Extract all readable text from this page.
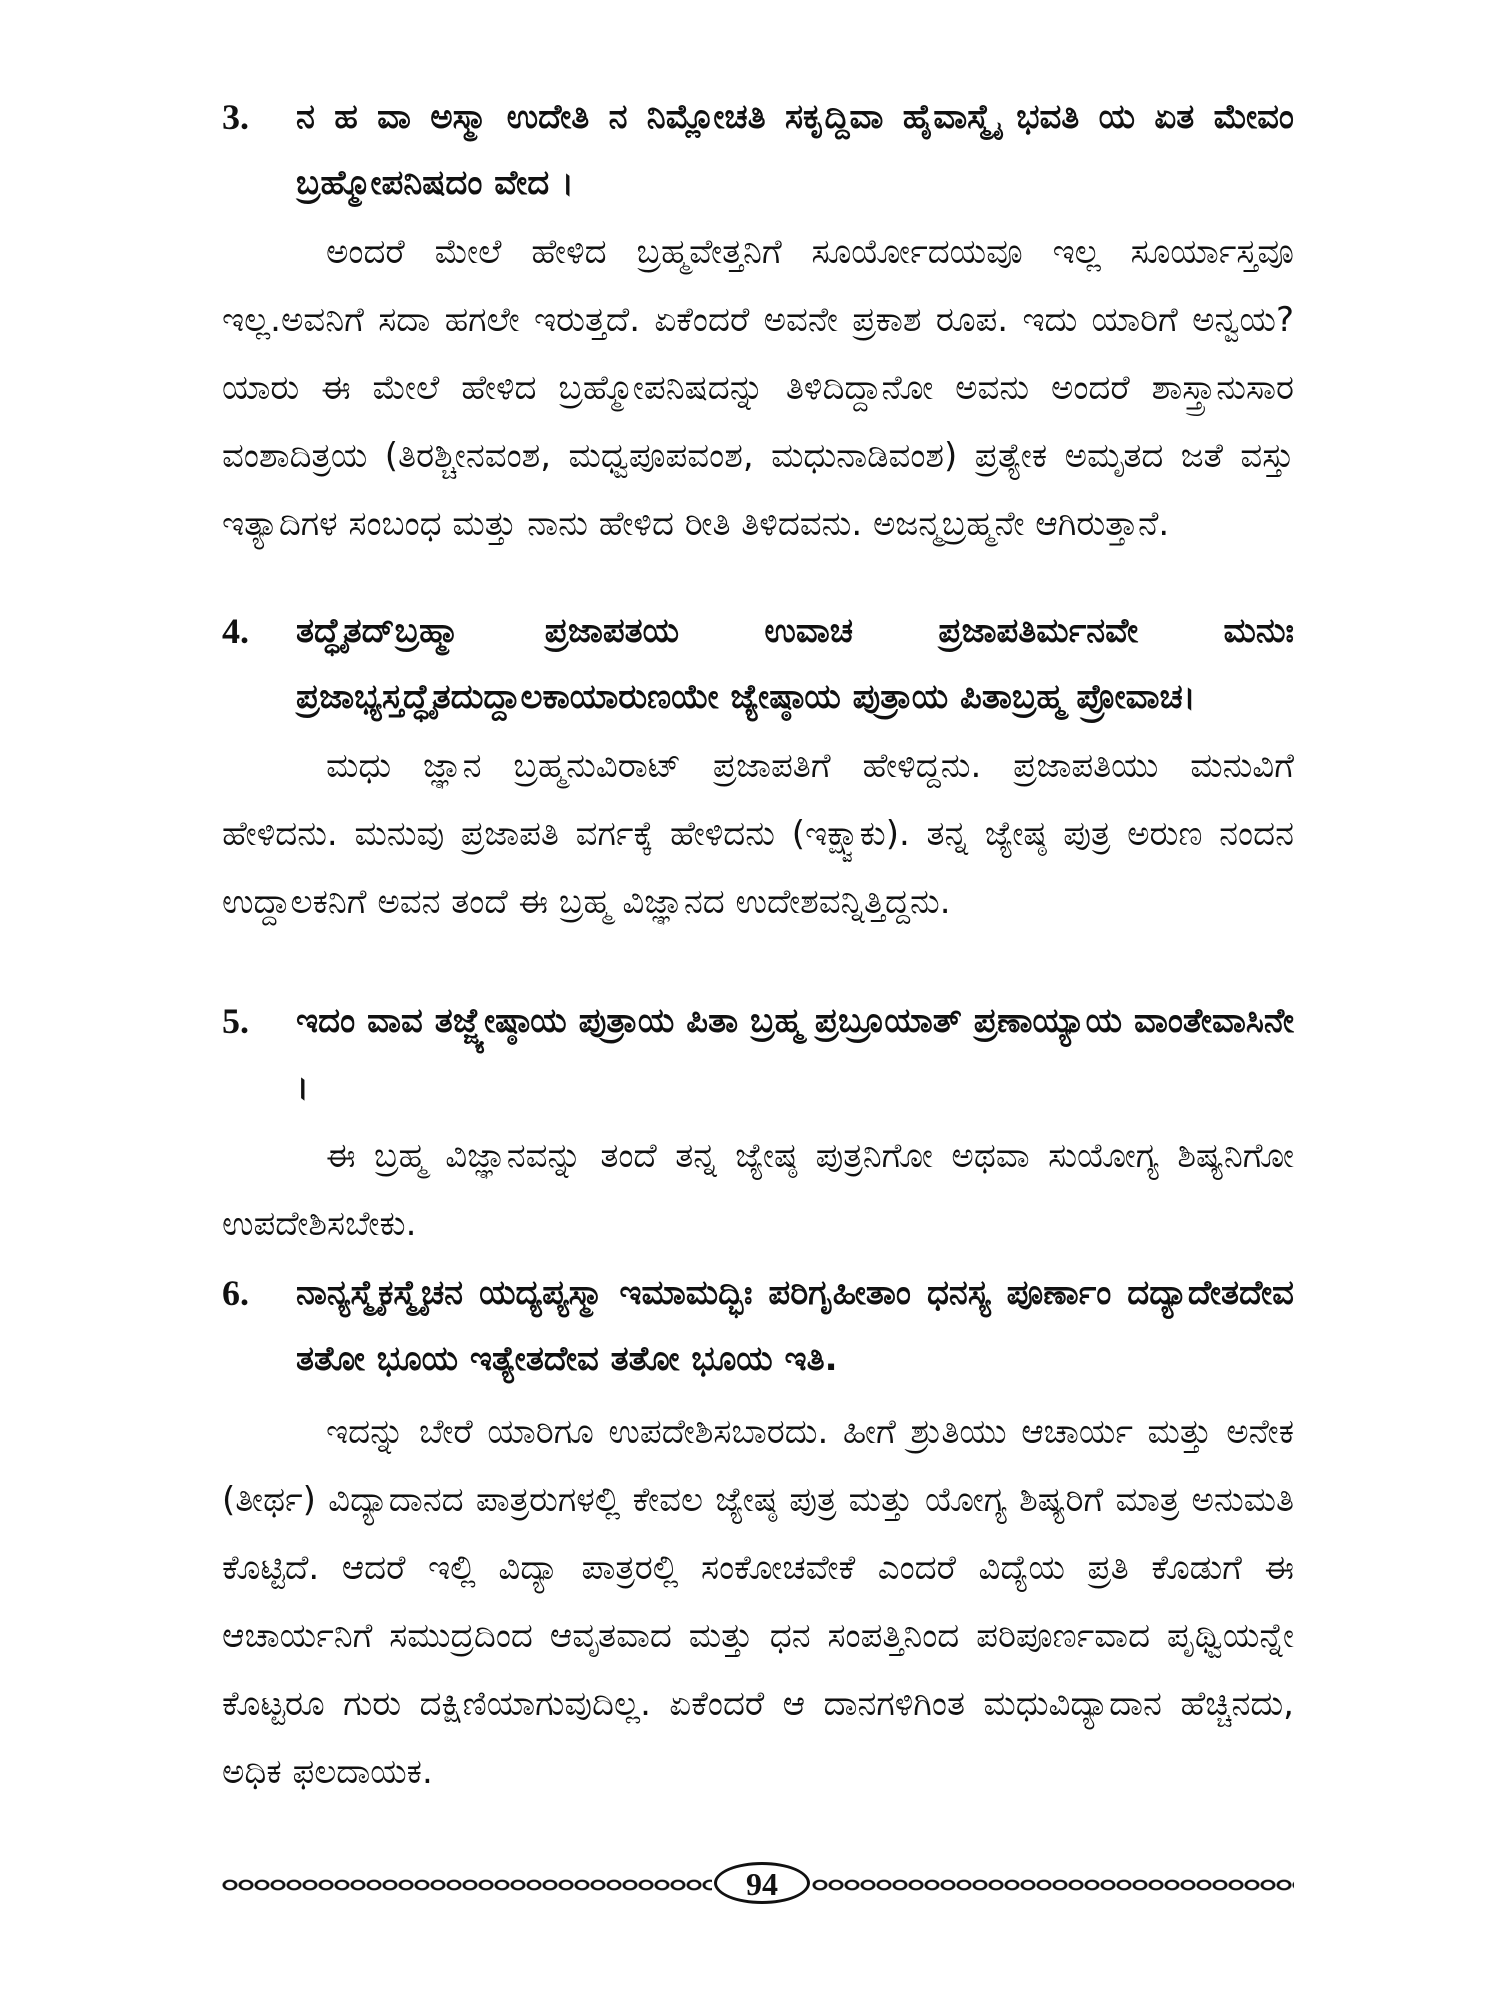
3. ನ ಹ ವಾ ಅಸ್ಮಾ ಉದೇತಿ ನ ನಿಮ್ಲೋಚತಿ ಸಕೃದ್ದಿವಾ ಹೈವಾಸ್ಮೈ ಭವತಿ ಯ ಏತ ಮೇವಂ ಬ್ರಹ್ಮೋಪನಿಷದಂ ವೇದ ।
ಅಂದರೆ ಮೇಲೆ ಹೇಳಿದ ಬ್ರಹ್ಮವೇತ್ತನಿಗೆ ಸೂರ್ಯೋದಯವೂ ಇಲ್ಲ ಸೂರ್ಯಾಸ್ತವೂ ಇಲ್ಲ.ಅವನಿಗೆ ಸದಾ ಹಗಲೇ ಇರುತ್ತದೆ. ಏಕೆಂದರೆ ಅವನೇ ಪ್ರಕಾಶ ರೂಪ. ಇದು ಯಾರಿಗೆ ಅನ್ವಯ? ಯಾರು ಈ ಮೇಲೆ ಹೇಳಿದ ಬ್ರಹ್ಮೋಪನಿಷದನ್ನು ತಿಳಿದಿದ್ದಾನೋ ಅವನು ಅಂದರೆ ಶಾಸ್ತ್ರಾನುಸಾರ ವಂಶಾದಿತ್ರಯ (ತಿರಶ್ಚೀನವಂಶ, ಮಧ್ವಪೂಪವಂಶ, ಮಧುನಾಡಿವಂಶ) ಪ್ರತ್ಯೇಕ ಅಮೃತದ ಜತೆ ವಸ್ತು ಇತ್ಯಾದಿಗಳ ಸಂಬಂಧ ಮತ್ತು ನಾನು ಹೇಳಿದ ರೀತಿ ತಿಳಿದವನು. ಅಜನ್ಮಬ್ರಹ್ಮನೇ ಆಗಿರುತ್ತಾನೆ.
4. ತದ್ಧೈತದ್‌ಬ್ರಹ್ಮಾ ಪ್ರಜಾಪತಯ ಉವಾಚ ಪ್ರಜಾಪತಿರ್ಮನವೇ ಮನುಃ ಪ್ರಜಾಭ್ಯಸ್ತದ್ಧೈತದುದ್ದಾಲಕಾಯಾರುಣಯೇ ಜ್ಯೇಷ್ಠಾಯ ಪುತ್ರಾಯ ಪಿತಾಬ್ರಹ್ಮ ಪ್ರೋವಾಚ।
ಮಧು ಜ್ಞಾನ ಬ್ರಹ್ಮನುವಿರಾಟ್ ಪ್ರಜಾಪತಿಗೆ ಹೇಳಿದ್ದನು. ಪ್ರಜಾಪತಿಯು ಮನುವಿಗೆ ಹೇಳಿದನು. ಮನುವು ಪ್ರಜಾಪತಿ ವರ್ಗಕ್ಕೆ ಹೇಳಿದನು (ಇಕ್ಷ್ವಾಕು). ತನ್ನ ಜ್ಯೇಷ್ಠ ಪುತ್ರ ಅರುಣ ನಂದನ ಉದ್ದಾಲಕನಿಗೆ ಅವನ ತಂದೆ ಈ ಬ್ರಹ್ಮ ವಿಜ್ಞಾನದ ಉದೇಶವನ್ನಿತ್ತಿದ್ದನು.
5. ಇದಂ ವಾವ ತಜ್ಜ್ಯೇಷ್ಠಾಯ ಪುತ್ರಾಯ ಪಿತಾ ಬ್ರಹ್ಮ ಪ್ರಬ್ರೂಯಾತ್ ಪ್ರಣಾಯ್ಯಾಯ ವಾಂತೇವಾಸಿನೇ ।
ಈ ಬ್ರಹ್ಮ ವಿಜ್ಞಾನವನ್ನು ತಂದೆ ತನ್ನ ಜ್ಯೇಷ್ಠ ಪುತ್ರನಿಗೋ ಅಥವಾ ಸುಯೋಗ್ಯ ಶಿಷ್ಯನಿಗೋ ಉಪದೇಶಿಸಬೇಕು.
6. ನಾನ್ಯಸ್ಮೈಕಸ್ಮೈಚನ ಯದ್ಯಪ್ಯಸ್ಮಾ ಇಮಾಮದ್ಭಿಃ ಪರಿಗೃಹೀತಾಂ ಧನಸ್ಯ ಪೂರ್ಣಾಂ ದದ್ಯಾದೇತದೇವ ತತೋ ಭೂಯ ಇತ್ಯೇತದೇವ ತತೋ ಭೂಯ ಇತಿ.
ಇದನ್ನು ಬೇರೆ ಯಾರಿಗೂ ಉಪದೇಶಿಸಬಾರದು. ಹೀಗೆ ಶ್ರುತಿಯು ಆಚಾರ್ಯ ಮತ್ತು ಅನೇಕ (ತೀರ್ಥ) ವಿದ್ಯಾದಾನದ ಪಾತ್ರರುಗಳಲ್ಲಿ ಕೇವಲ ಜ್ಯೇಷ್ಠ ಪುತ್ರ ಮತ್ತು ಯೋಗ್ಯ ಶಿಷ್ಯರಿಗೆ ಮಾತ್ರ ಅನುಮತಿ ಕೊಟ್ಟಿದೆ. ಆದರೆ ಇಲ್ಲಿ ವಿದ್ಯಾ ಪಾತ್ರರಲ್ಲಿ ಸಂಕೋಚವೇಕೆ ಎಂದರೆ ವಿದ್ಯೆಯ ಪ್ರತಿ ಕೊಡುಗೆ ಈ ಆಚಾರ್ಯನಿಗೆ ಸಮುದ್ರದಿಂದ ಆವೃತವಾದ ಮತ್ತು ಧನ ಸಂಪತ್ತಿನಿಂದ ಪರಿಪೂರ್ಣವಾದ ಪೃಥ್ವಿಯನ್ನೇ ಕೊಟ್ಟರೂ ಗುರು ದಕ್ಷಿಣಿಯಾಗುವುದಿಲ್ಲ. ಏಕೆಂದರೆ ಆ ದಾನಗಳಿಗಿಂತ ಮಧುವಿದ್ಯಾದಾನ ಹೆಚ್ಚಿನದು, ಅಧಿಕ ಫಲದಾಯಕ.
94
